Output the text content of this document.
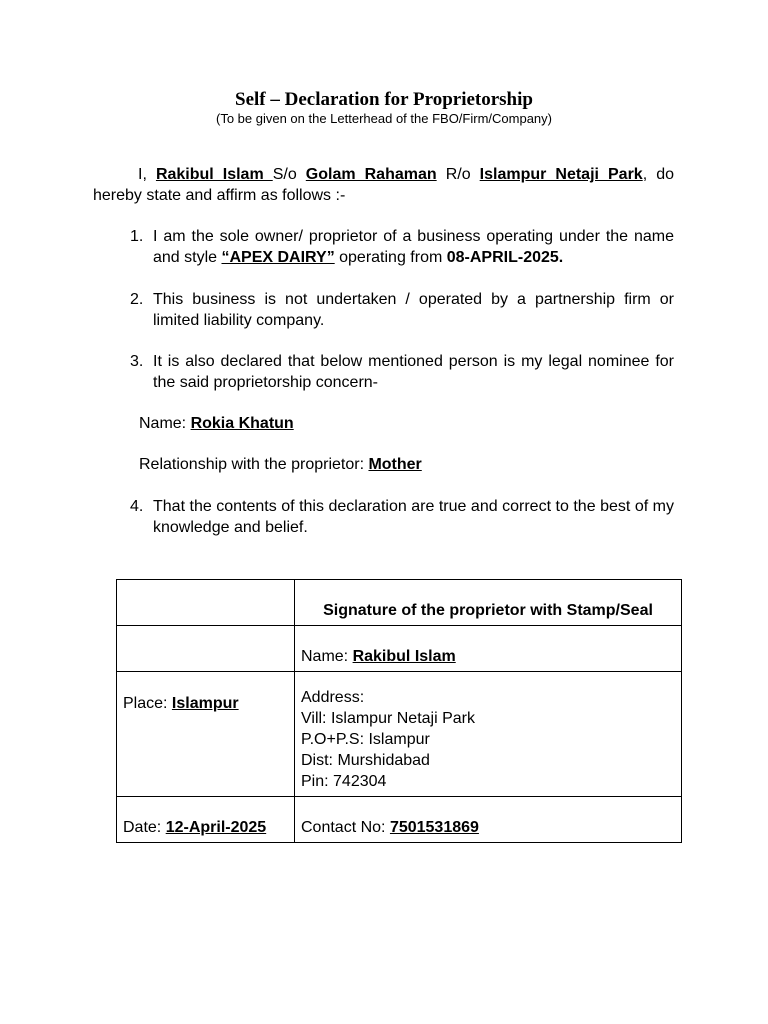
Self – Declaration for Proprietorship
(To be given on the Letterhead of the FBO/Firm/Company)
I, Rakibul Islam S/o Golam Rahaman R/o Islampur Netaji Park, do hereby state and affirm as follows :-
1. I am the sole owner/ proprietor of a business operating under the name and style “APEX DAIRY” operating from 08-APRIL-2025.
2. This business is not undertaken / operated by a partnership firm or limited liability company.
3. It is also declared that below mentioned person is my legal nominee for the said proprietorship concern-
Name: Rokia Khatun
Relationship with the proprietor: Mother
4. That the contents of this declaration are true and correct to the best of my knowledge and belief.
	Signature of the proprietor with Stamp/Seal
	Name: Rakibul Islam
Place: Islampur	Address:
Vill: Islampur Netaji Park
P.O+P.S: Islampur
Dist: Murshidabad
Pin: 742304

Date: 12-April-2025	Contact No: 7501531869
